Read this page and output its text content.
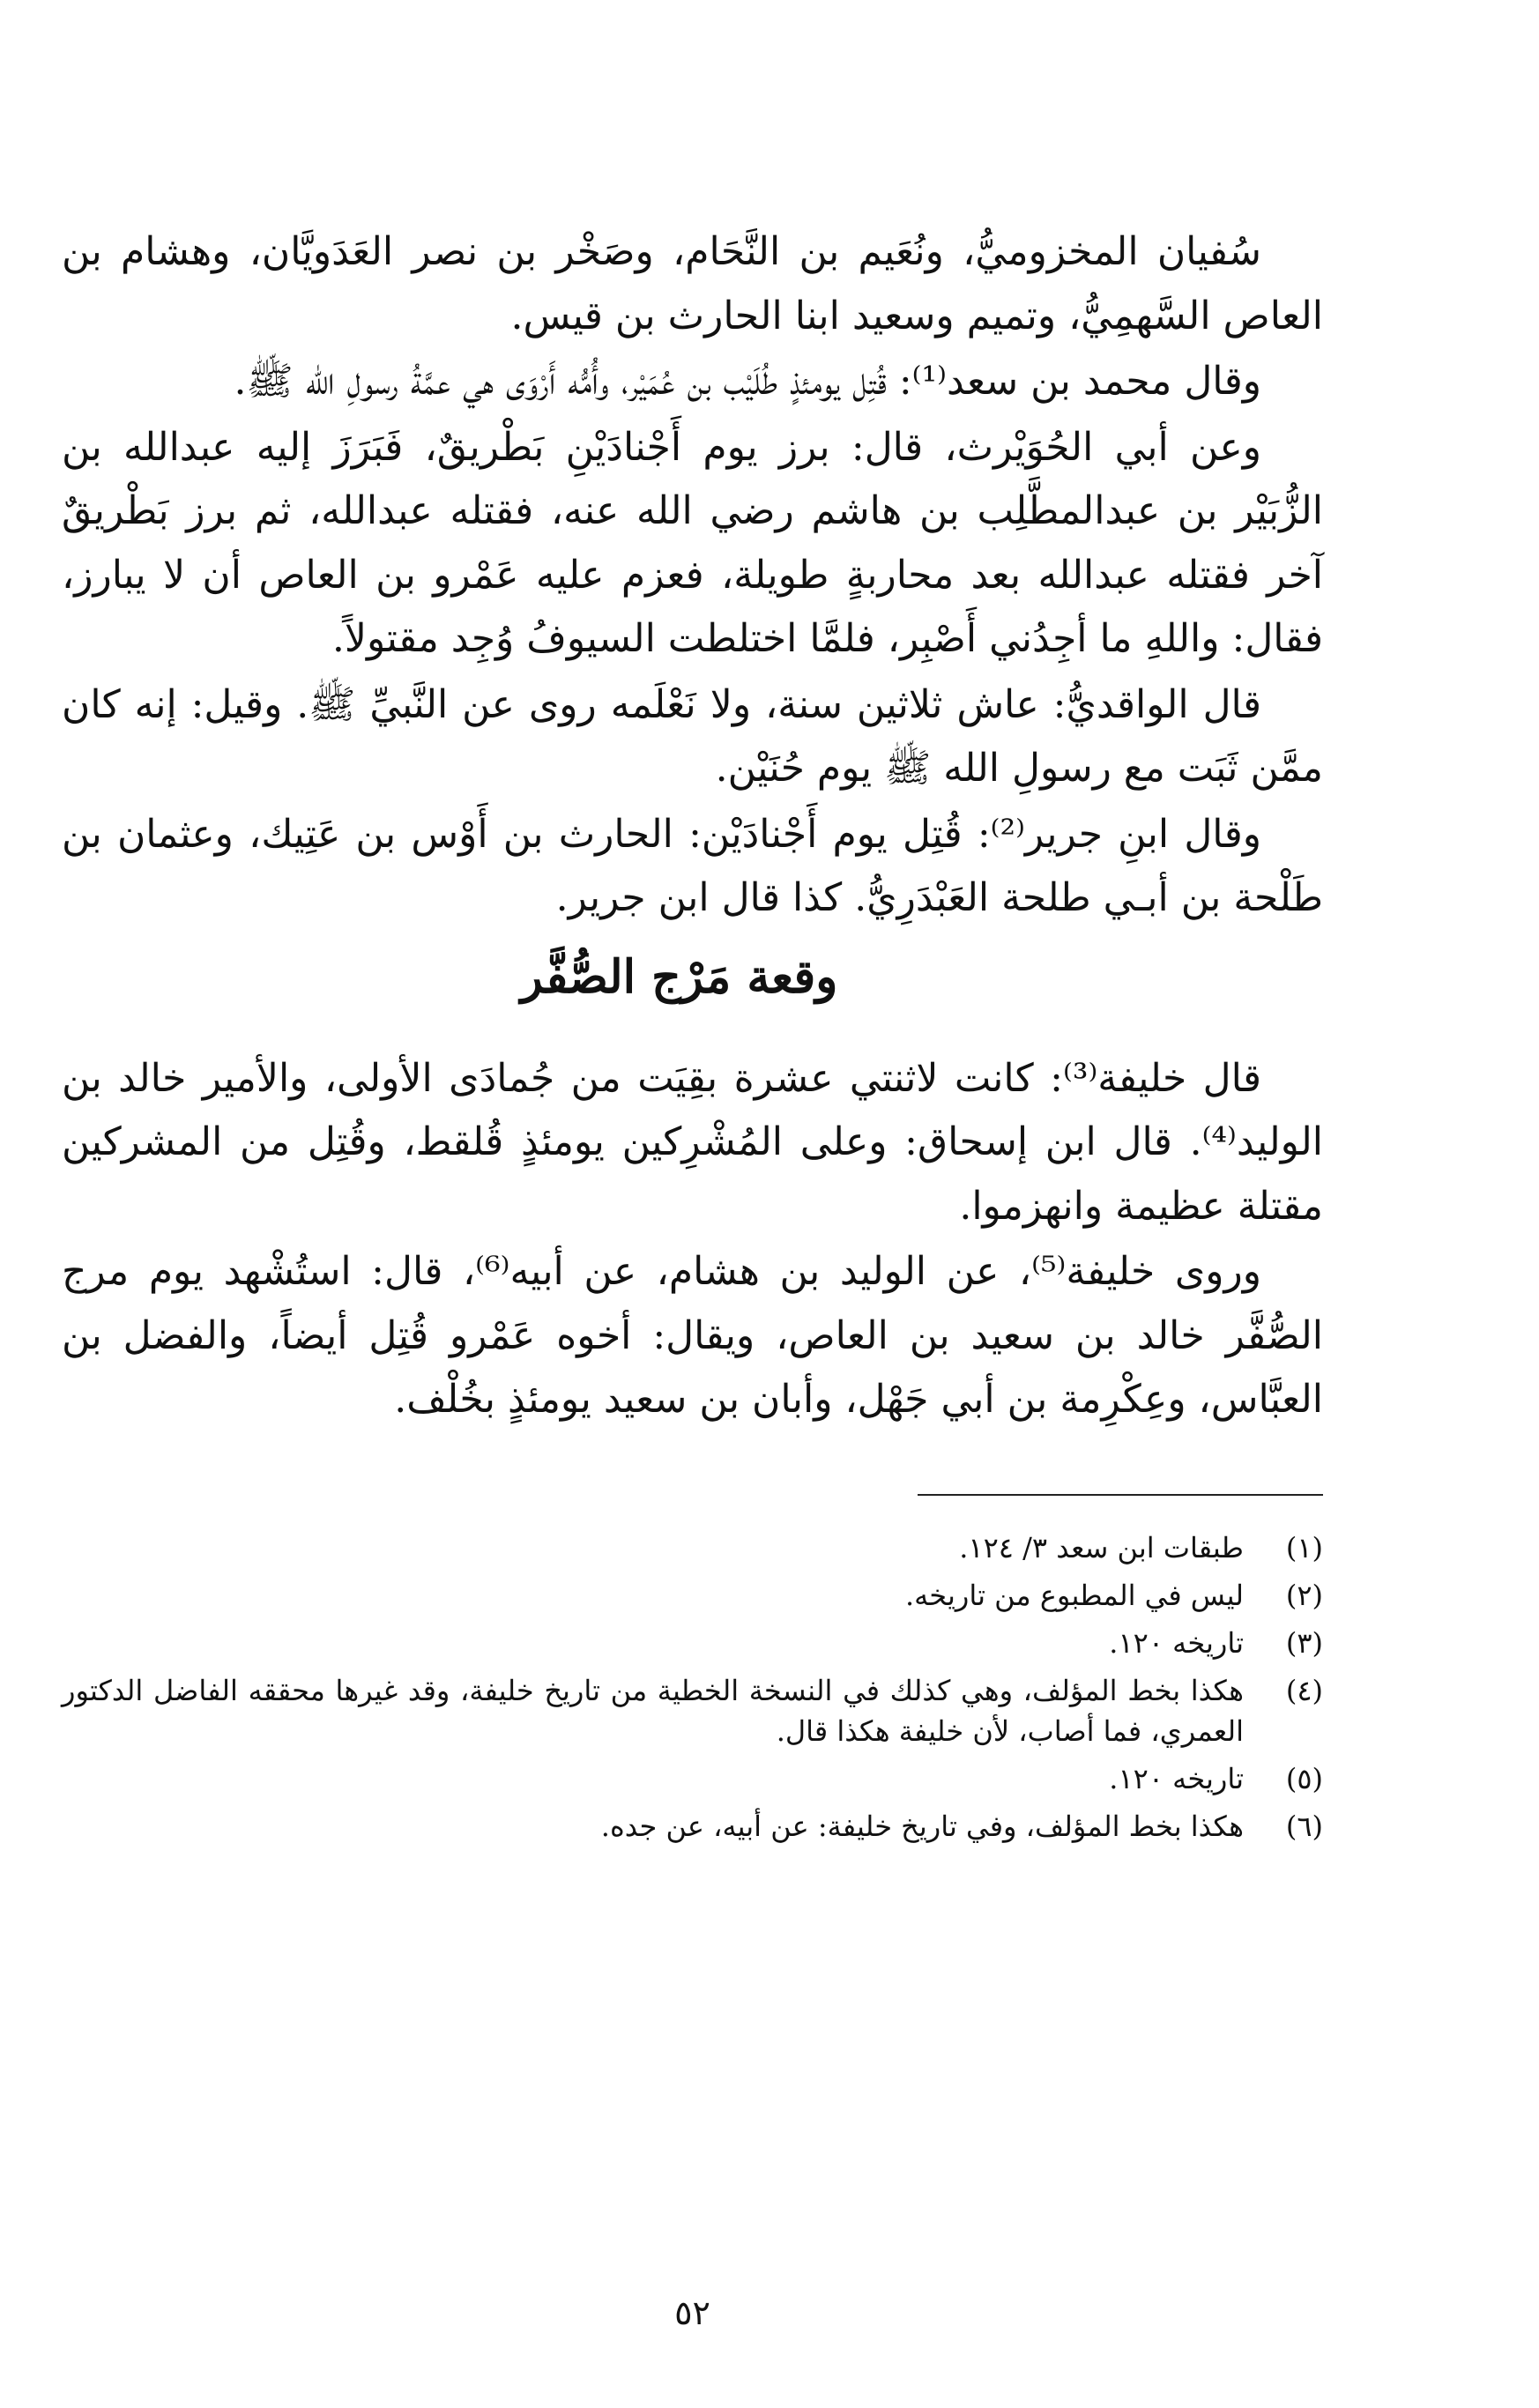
سُفيان المخزوميُّ، ونُعَيم بن النَّحَام، وصَخْر بن نصر العَدَويَّان، وهشام بن العاص السَّهمِيُّ، وتميم وسعيد ابنا الحارث بن قيس.

وقال محمد بن سعد⁽¹⁾: قُتِل يومئذٍ طُلَيْب بن عُمَيْر، وأُمُّه أَرْوَى هي عمَّةُ رسولِ الله ﷺ.

وعن أبي الحُوَيْرث، قال: برز يوم أَجْنادَيْنِ بَطْريقٌ، فَبَرَزَ إليه عبدالله بن الزُّبَيْر بن عبدالمطَّلِب بن هاشم رضي الله عنه، فقتله عبدالله، ثم برز بَطْريقٌ آخر فقتله عبدالله بعد محاربةٍ طويلة، فعزم عليه عَمْرو بن العاص أن لا يبارز، فقال: واللهِ ما أجِدُني أَصْبِر، فلمَّا اختلطت السيوفُ وُجِد مقتولاً.

قال الواقديُّ: عاش ثلاثين سنة، ولا نَعْلَمه روى عن النَّبيِّ ﷺ. وقيل: إنه كان ممَّن ثَبَت مع رسولِ الله ﷺ يوم حُنَيْن.

وقال ابنِ جرير⁽²⁾: قُتِل يوم أَجْنادَيْن: الحارث بن أَوْس بن عَتِيك، وعثمان بن طَلْحة بن أبـي طلحة العَبْدَرِيُّ. كذا قال ابن جرير.

وقعة مَرْج الصُّفَّر

قال خليفة⁽³⁾: كانت لاثنتي عشرة بقِيَت من جُمادَى الأولى، والأمير خالد بن الوليد⁽⁴⁾. قال ابن إسحاق: وعلى المُشْرِكين يومئذٍ قُلقط، وقُتِل من المشركين مقتلة عظيمة وانهزموا.

وروى خليفة⁽⁵⁾، عن الوليد بن هشام، عن أبيه⁽⁶⁾، قال: استُشْهد يوم مرج الصُّفَّر خالد بن سعيد بن العاص، ويقال: أخوه عَمْرو قُتِل أيضاً، والفضل بن العبَّاس، وعِكْرِمة بن أبي جَهْل، وأبان بن سعيد يومئذٍ بخُلْف.

(١)
طبقات ابن سعد ٣/ ١٢٤.
(٢)
ليس في المطبوع من تاريخه.
(٣)
تاريخه ١٢٠.
(٤)
هكذا بخط المؤلف، وهي كذلك في النسخة الخطية من تاريخ خليفة، وقد غيرها محققه الفاضل الدكتور العمري، فما أصاب، لأن خليفة هكذا قال.
(٥)
تاريخه ١٢٠.
(٦)
هكذا بخط المؤلف، وفي تاريخ خليفة: عن أبيه، عن جده.
٥٢
